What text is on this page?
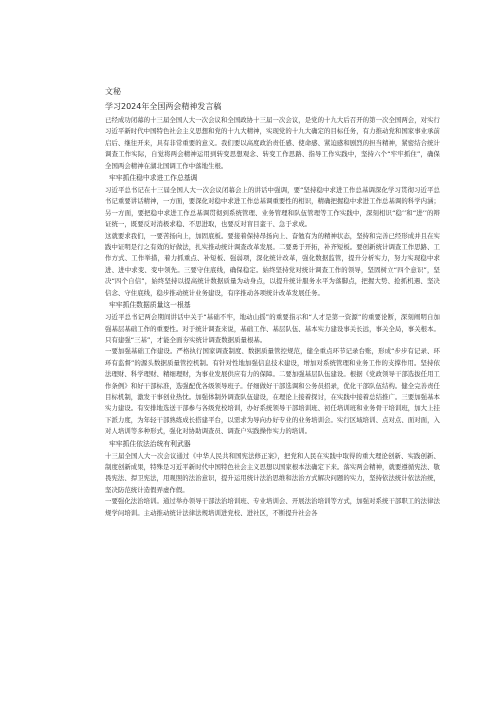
文秘
学习2024年全国两会精神发言稿

已经成功闭幕的十三届全国人大一次会议和全国政协十三届一次会议，是党的十九大后召开的第一次全国两会，对实行习近平新时代中国特色社会主义思想和党的十九大精神，实现党的十九大确定的目标任务，有力推动党和国家事业承前启后、继往开来，具有非常重要的意义。我们要以高度政治责任感、使命感、紧迫感和剧烈的担当精神，紧密结合统计调查工作实际，自觉将两会精神运用到转变思想观念、转变工作思路、指导工作实践中，坚持六个“牢牢抓住”，确保全国两会精神在湖北国调工作中落地生根。

牢牢抓住稳中求进工作总基调

习近平总书记在十三届全国人大一次会议闭幕会上的讲话中强调，要“坚持稳中求进工作总基调深化学习贯彻习近平总书记重要讲话精神，一方面，要深化对稳中求进工作总基调重要性的相识，精确把握稳中求进工作总基调的科学内涵；另一方面，要把稳中求进工作总基调贯彻到系统管理、业务管理和队伍管理等工作实践中，深刻相识“稳’’和“进’’的辩证统一，既要反对消极求稳、不思进取，也要反对盲目蛮干、急于求成。

这就要求我们，一要苦扬向上，加固底板。要接着保持昂扬向上、奋勉有为的精神状态，坚持和完善已经形成并且在实践中证明是行之有效的好做法，扎实推动统计调查改革发展。二要勇于开拓，补齐短板。要创新统计调查工作思路、工作方式、工作举措，着力抓重点、补短板、强弱项，深化统计改革，强化数据监管，提升分析实力，努力实现稳中求进、进中求变、变中领先。三要守住底线，确保稳定。始终坚持党对统计调查工作的领导，坚固树立“四个意识”，坚决“四个自信”，始终坚持以提高统计数据质量为动身点，以提升统计服务水平为落脚点，把握大势、抢抓机遇、坚决信念、守住底线，稳步推动统计业务建设，有序推动各项统计改革发展任务。

牢牢抓住数据质量这一根基

习近平总书记两会期间讲话中关于“基础不牢，地动山摇”的重要指示和“人才是第一资源”的重要论断，深刻阐明自加强基层基础工作的重要性。对于统计调查来说，基础工作、基层队伍、基本实力建设事关长远，事关全局，事关根本。只有建强“三基”，才能全面夯实统计调查数据质量根基。

一要加强基础工作建设。严格执行国家调查制度、数据质量管控规范，健全重点环节记录台账，形成“步步有记录、环环有监督”的源头数据质量管控机制。有针对性地加强信息技术建设，增加对系统管理和业务工作的支撑作用。坚持依法理财、科学理财、精细理财，为事业发展供应有力的保障。二要加强基层队伍建设。根据《党政领导干部选拔任用工作条例》和好干部标准，选强配优各级领导班子。仔细做好干部选调和公务员招录，优化干部队伍结构。健全完善责任目标机制，激发干事创业热忱。加强体制外调查队伍建设，在理论上接着探讨，在实践中接着总结推广。三要加强基本实力建设。有安排地选送干部参与各级党校培训，办好系统领导干部培训班、初任培训班和业务骨干培训班，加大上挂下派力度，为年轻干部熟练成长搭建平台，以需求为导向办好专业的业务培训会。实行区域培训、点对点、面对面，入对人培训等多种形式，强化对协助调查员、调查户实践操作实力的培训。

牢牢抓住依法治统有利武器

十三届全国人大一次会议通过《中华人民共和国宪法修正案》，把党和人民在实践中取得的重大理论创新、实践创新、制度创新成果，特殊是习近平新时代中国特色社会主义思想以国家根本法确定下来。落实两会精神，就要遵循宪法、敬畏宪法、捍卫宪法，用观照的法治意识，提升运用统计法治思维和法治方式解决问题的实力，坚持依法统计依法治统，坚决防范统计造假弄虚作假。

一要强化法治培训。通过举办领导干部法治培训班、专业培训会、开展法治培训等方式，加强对系统干部职工的法律法规学问培训。主动推动统计法律法规培训进党校、进社区，不断提升社会各
